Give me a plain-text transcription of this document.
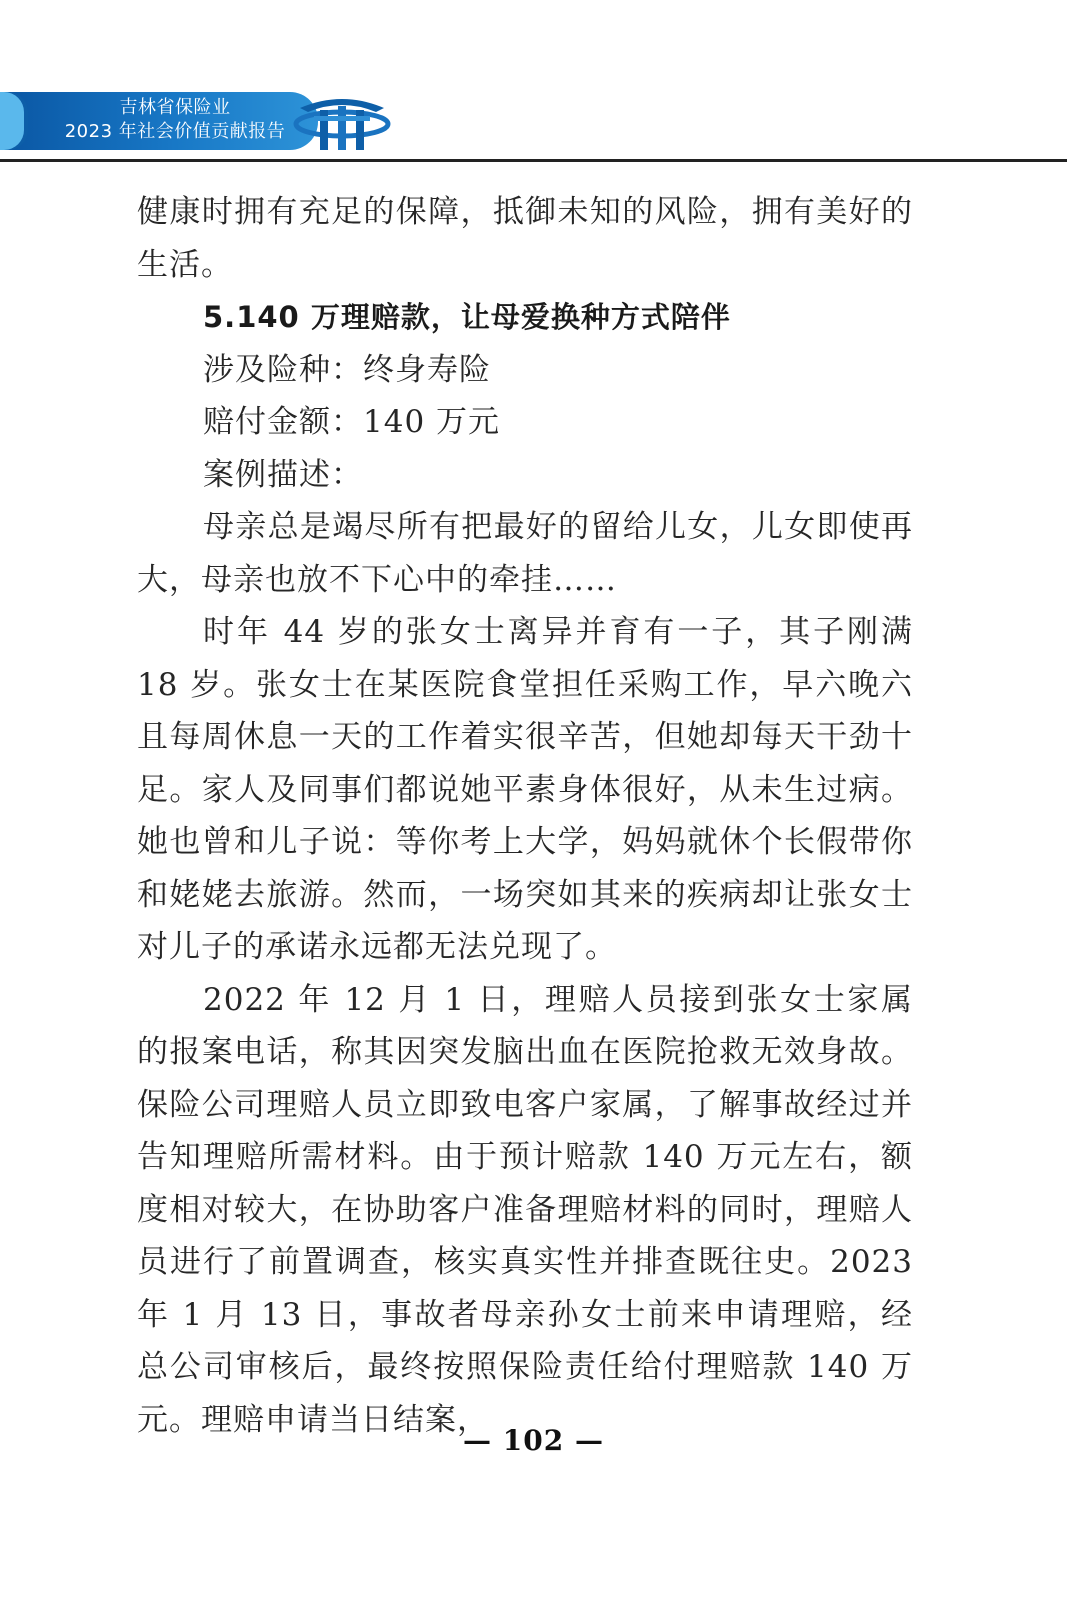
吉林省保险业
2023 年社会价值贡献报告

健康时拥有充足的保障，抵御未知的风险，拥有美好的生活。

5.140 万理赔款，让母爱换种方式陪伴

涉及险种：终身寿险

赔付金额：140 万元

案例描述：

母亲总是竭尽所有把最好的留给儿女，儿女即使再大，母亲也放不下心中的牵挂……

时年 44 岁的张女士离异并育有一子，其子刚满 18 岁。张女士在某医院食堂担任采购工作，早六晚六且每周休息一天的工作着实很辛苦，但她却每天干劲十足。家人及同事们都说她平素身体很好，从未生过病。她也曾和儿子说：等你考上大学，妈妈就休个长假带你和姥姥去旅游。然而，一场突如其来的疾病却让张女士对儿子的承诺永远都无法兑现了。

2022 年 12 月 1 日，理赔人员接到张女士家属的报案电话，称其因突发脑出血在医院抢救无效身故。保险公司理赔人员立即致电客户家属，了解事故经过并告知理赔所需材料。由于预计赔款 140 万元左右，额度相对较大，在协助客户准备理赔材料的同时，理赔人员进行了前置调查，核实真实性并排查既往史。2023 年 1 月 13 日，事故者母亲孙女士前来申请理赔，经总公司审核后，最终按照保险责任给付理赔款 140 万元。理赔申请当日结案，

— 102 —
